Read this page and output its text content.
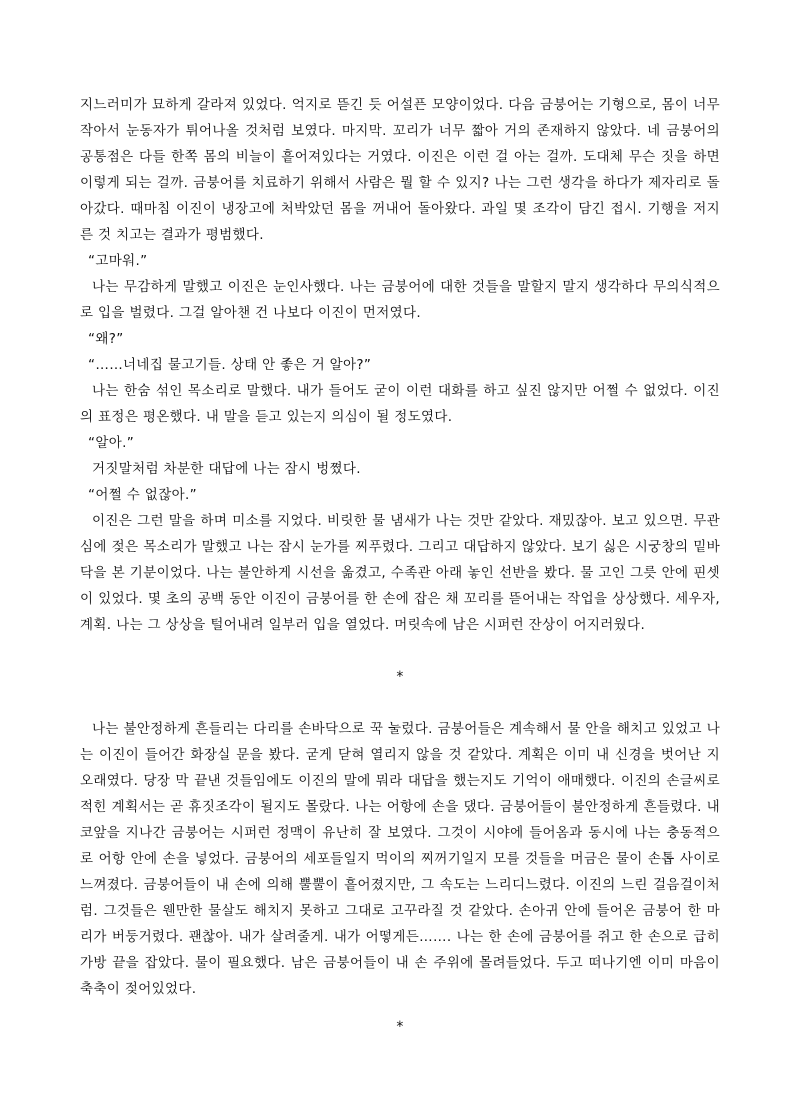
지느러미가 묘하게 갈라져 있었다. 억지로 뜯긴 듯 어설픈 모양이었다. 다음 금붕어는 기형으로, 몸이 너무 작아서 눈동자가 튀어나올 것처럼 보였다. 마지막. 꼬리가 너무 짧아 거의 존재하지 않았다. 네 금붕어의 공통점은 다들 한쪽 몸의 비늘이 흩어져있다는 거였다. 이진은 이런 걸 아는 걸까. 도대체 무슨 짓을 하면 이렇게 되는 걸까. 금붕어를 치료하기 위해서 사람은 뭘 할 수 있지? 나는 그런 생각을 하다가 제자리로 돌아갔다. 때마침 이진이 냉장고에 처박았던 몸을 꺼내어 돌아왔다. 과일 몇 조각이 담긴 접시. 기행을 저지른 것 치고는 결과가 평범했다.

“고마워.”

나는 무감하게 말했고 이진은 눈인사했다. 나는 금붕어에 대한 것들을 말할지 말지 생각하다 무의식적으로 입을 벌렸다. 그걸 알아챈 건 나보다 이진이 먼저였다.

“왜?”

“……너네집 물고기들. 상태 안 좋은 거 알아?”

나는 한숨 섞인 목소리로 말했다. 내가 들어도 굳이 이런 대화를 하고 싶진 않지만 어쩔 수 없었다. 이진의 표정은 평온했다. 내 말을 듣고 있는지 의심이 될 정도였다.

“알아.”

거짓말처럼 차분한 대답에 나는 잠시 벙쪘다.

“어쩔 수 없잖아.”

이진은 그런 말을 하며 미소를 지었다. 비릿한 물 냄새가 나는 것만 같았다. 재밌잖아. 보고 있으면. 무관심에 젖은 목소리가 말했고 나는 잠시 눈가를 찌푸렸다. 그리고 대답하지 않았다. 보기 싫은 시궁창의 밑바닥을 본 기분이었다. 나는 불안하게 시선을 옮겼고, 수족관 아래 놓인 선반을 봤다. 물 고인 그릇 안에 핀셋이 있었다. 몇 초의 공백 동안 이진이 금붕어를 한 손에 잡은 채 꼬리를 뜯어내는 작업을 상상했다. 세우자, 계획. 나는 그 상상을 털어내려 일부러 입을 열었다. 머릿속에 남은 시퍼런 잔상이 어지러웠다.

*

나는 불안정하게 흔들리는 다리를 손바닥으로 꾹 눌렀다. 금붕어들은 계속해서 물 안을 해치고 있었고 나는 이진이 들어간 화장실 문을 봤다. 굳게 닫혀 열리지 않을 것 같았다. 계획은 이미 내 신경을 벗어난 지 오래였다. 당장 막 끝낸 것들임에도 이진의 말에 뭐라 대답을 했는지도 기억이 애매했다. 이진의 손글씨로 적힌 계획서는 곧 휴짓조각이 될지도 몰랐다. 나는 어항에 손을 댔다. 금붕어들이 불안정하게 흔들렸다. 내 코앞을 지나간 금붕어는 시퍼런 정맥이 유난히 잘 보였다. 그것이 시야에 들어옴과 동시에 나는 충동적으로 어항 안에 손을 넣었다. 금붕어의 세포들일지 먹이의 찌꺼기일지 모를 것들을 머금은 물이 손톱 사이로 느껴졌다. 금붕어들이 내 손에 의해 뿔뿔이 흩어졌지만, 그 속도는 느리디느렸다. 이진의 느린 걸음걸이처럼. 그것들은 웬만한 물살도 해치지 못하고 그대로 고꾸라질 것 같았다. 손아귀 안에 들어온 금붕어 한 마리가 버둥거렸다. 괜찮아. 내가 살려줄게. 내가 어떻게든……. 나는 한 손에 금붕어를 쥐고 한 손으로 급히 가방 끝을 잡았다. 물이 필요했다. 남은 금붕어들이 내 손 주위에 몰려들었다. 두고 떠나기엔 이미 마음이 축축이 젖어있었다.

*
